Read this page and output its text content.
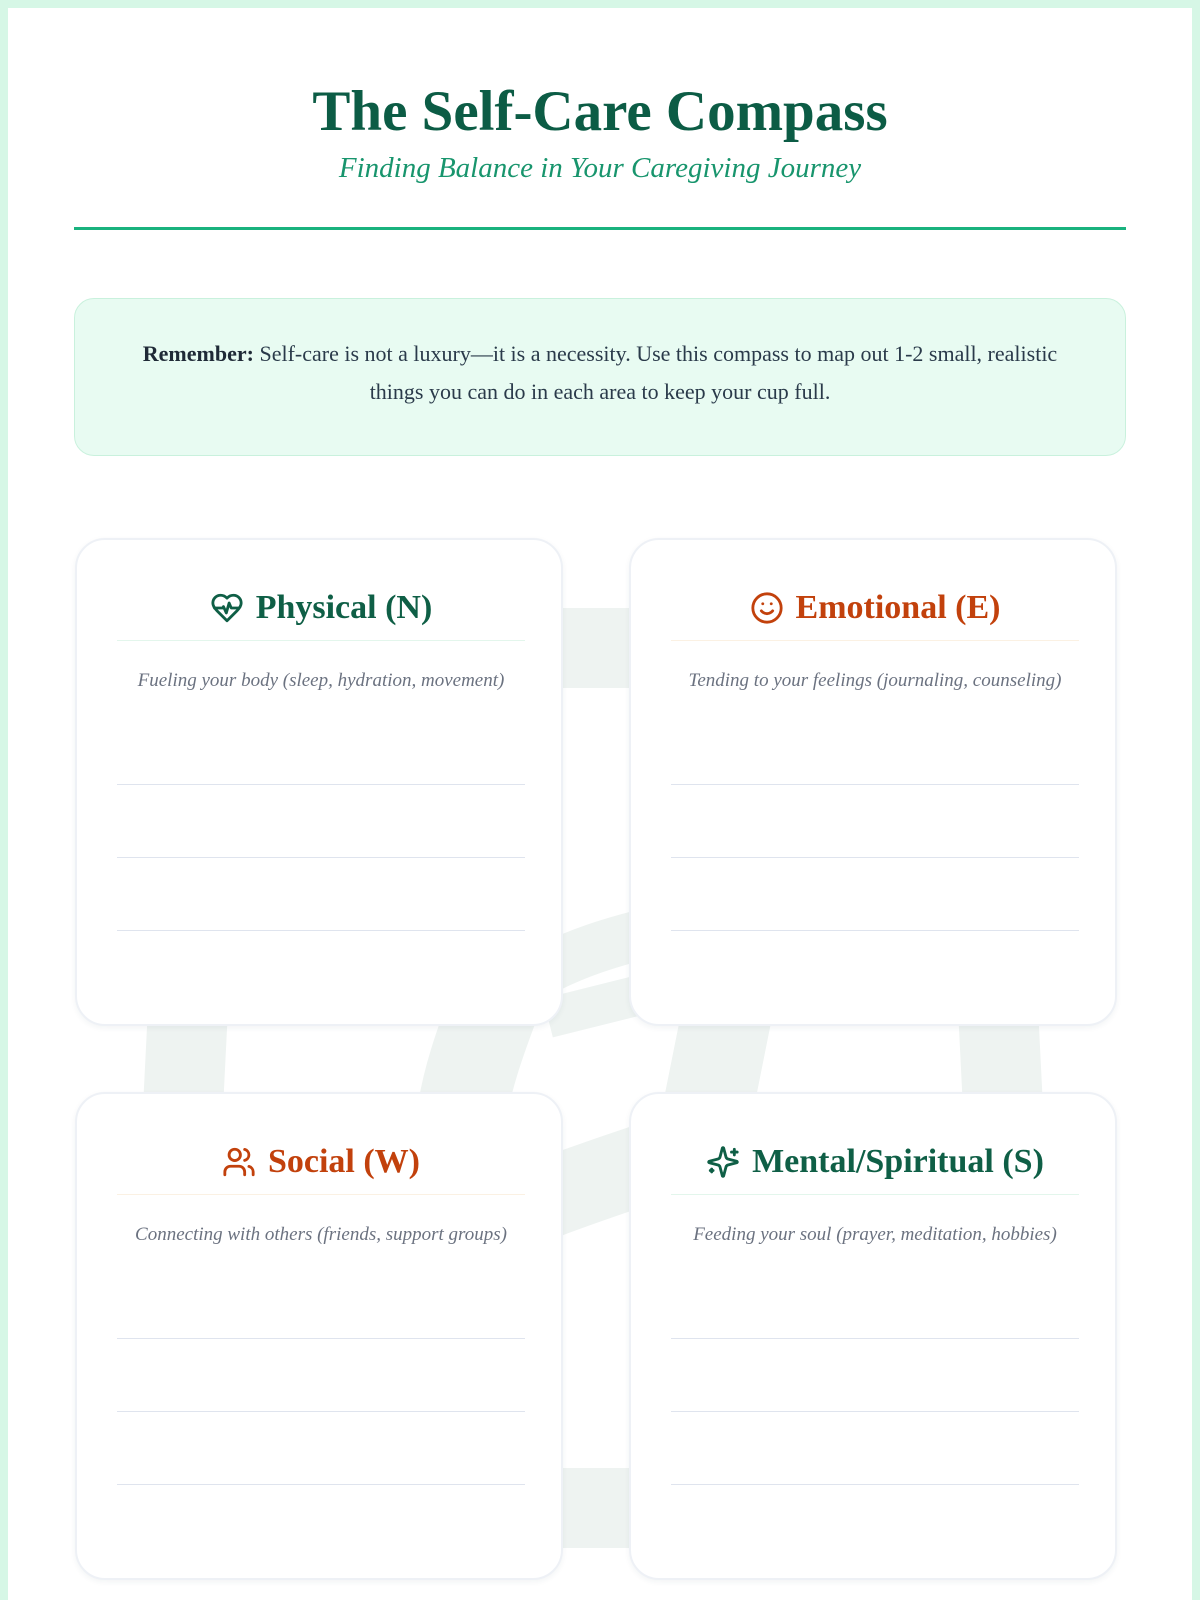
The Self-Care Compass
Finding Balance in Your Caregiving Journey
Remember: Self-care is not a luxury—it is a necessity. Use this compass to map out 1-2 small, realistic things you can do in each area to keep your cup full.
Physical (N)
Fueling your body (sleep, hydration, movement)
Emotional (E)
Tending to your feelings (journaling, counseling)
Social (W)
Connecting with others (friends, support groups)
Mental/Spiritual (S)
Feeding your soul (prayer, meditation, hobbies)
